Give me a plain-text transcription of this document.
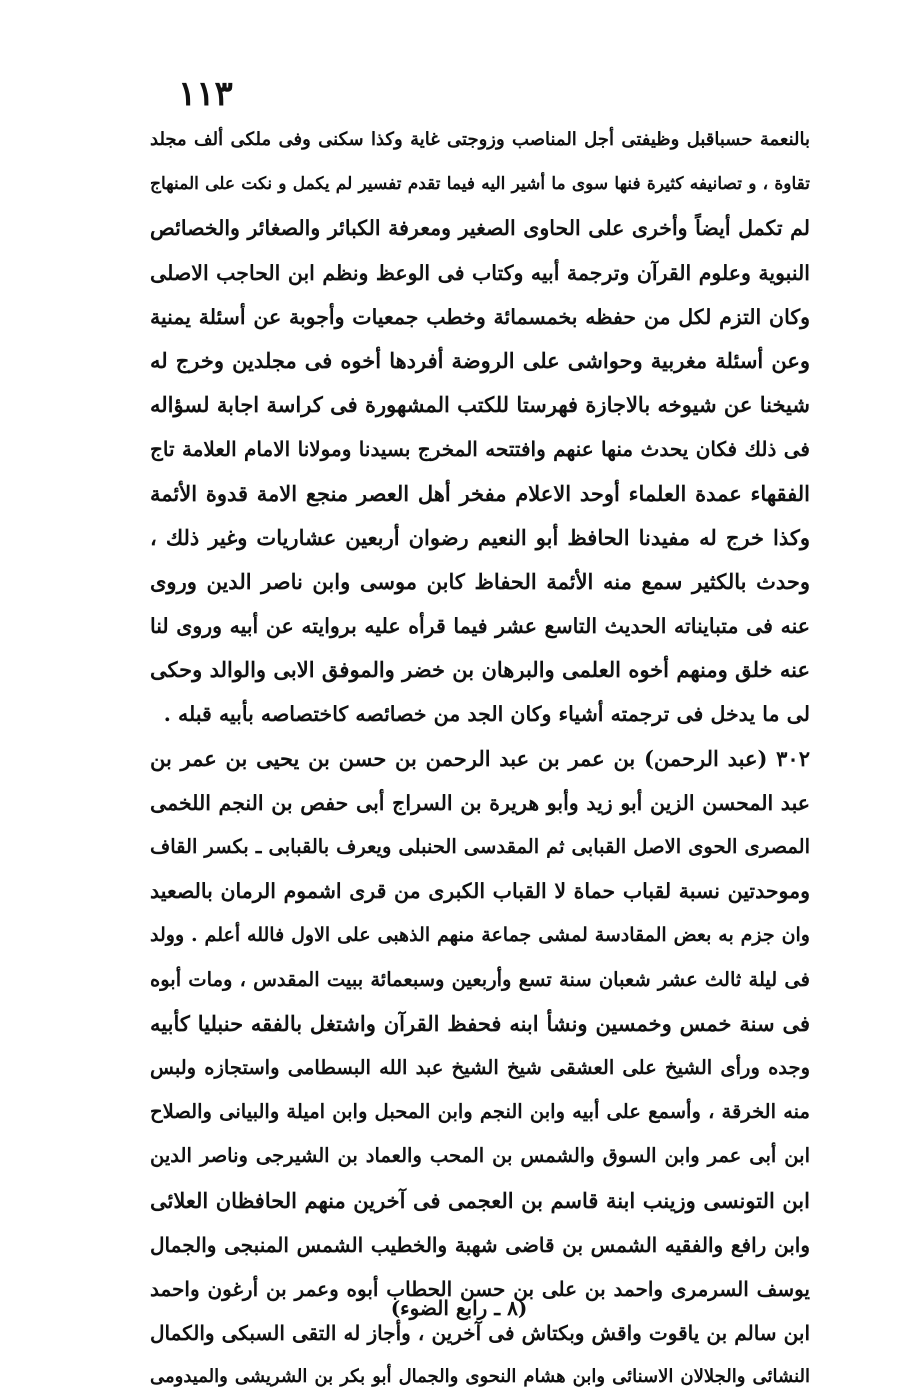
١١٣
بالنعمة حسباقبل وظيفتى أجل المناصب وزوجتى غاية وكذا سكنى وفى ملكى ألف مجلد
تقاوة ، و تصانيفه كثيرة فنها سوى ما أشير اليه فيما تقدم تفسير لم يكمل و نكت على المنهاج
لم تكمل أيضاً وأخرى على الحاوى الصغير ومعرفة الكبائر والصغائر والخصائص
النبوية وعلوم القرآن وترجمة أبيه وكتاب فى الوعظ ونظم ابن الحاجب الاصلى
وكان التزم لكل من حفظه بخمسمائة وخطب جمعيات وأجوبة عن أسئلة يمنية
وعن أسئلة مغربية وحواشى على الروضة أفردها أخوه فى مجلدين وخرج له
شيخنا عن شيوخه بالاجازة فهرستا للكتب المشهورة فى كراسة اجابة لسؤاله
فى ذلك فكان يحدث منها عنهم وافتتحه المخرج بسيدنا ومولانا الامام العلامة تاج
الفقهاء عمدة العلماء أوحد الاعلام مفخر أهل العصر منجع الامة قدوة الأئمة
وكذا خرج له مفيدنا الحافظ أبو النعيم رضوان أربعين عشاريات وغير ذلك ،
وحدث بالكثير سمع منه الأئمة الحفاظ كابن موسى وابن ناصر الدين وروى
عنه فى متبايناته الحديث التاسع عشر فيما قرأه عليه بروايته عن أبيه وروى لنا
عنه خلق ومنهم أخوه العلمى والبرهان بن خضر والموفق الابى والوالد وحكى
لى ما يدخل فى ترجمته أشياء وكان الجد من خصائصه كاختصاصه بأبيه قبله .
٣٠٢ (عبد الرحمن) بن عمر بن عبد الرحمن بن حسن بن يحيى بن عمر بن
عبد المحسن الزين أبو زيد وأبو هريرة بن السراج أبى حفص بن النجم اللخمى
المصرى الحوى الاصل القبابى ثم المقدسى الحنبلى ويعرف بالقبابى ـ بكسر القاف
وموحدتين نسبة لقباب حماة لا القباب الكبرى من قرى اشموم الرمان بالصعيد
وان جزم به بعض المقادسة لمشى جماعة منهم الذهبى على الاول فالله أعلم . وولد
فى ليلة ثالث عشر شعبان سنة تسع وأربعين وسبعمائة ببيت المقدس ، ومات أبوه
فى سنة خمس وخمسين ونشأ ابنه فحفظ القرآن واشتغل بالفقه حنبليا كأبيه
وجده ورأى الشيخ على العشقى شيخ الشيخ عبد الله البسطامى واستجازه ولبس
منه الخرقة ، وأسمع على أبيه وابن النجم وابن المحبل وابن اميلة والبيانى والصلاح
ابن أبى عمر وابن السوق والشمس بن المحب والعماد بن الشيرجى وناصر الدين
ابن التونسى وزينب ابنة قاسم بن العجمى فى آخرين منهم الحافظان العلائى
وابن رافع والفقيه الشمس بن قاضى شهبة والخطيب الشمس المنبجى والجمال
يوسف السرمرى واحمد بن على بن حسن الحطاب أبوه وعمر بن أرغون واحمد
ابن سالم بن ياقوت واقش وبكتاش فى آخرين ، وأجاز له التقى السبكى والكمال
النشائى والجلالان الاسنائى وابن هشام النحوى والجمال أبو بكر بن الشريشى والميدومى
(٨ ـ رابع الضوء)
